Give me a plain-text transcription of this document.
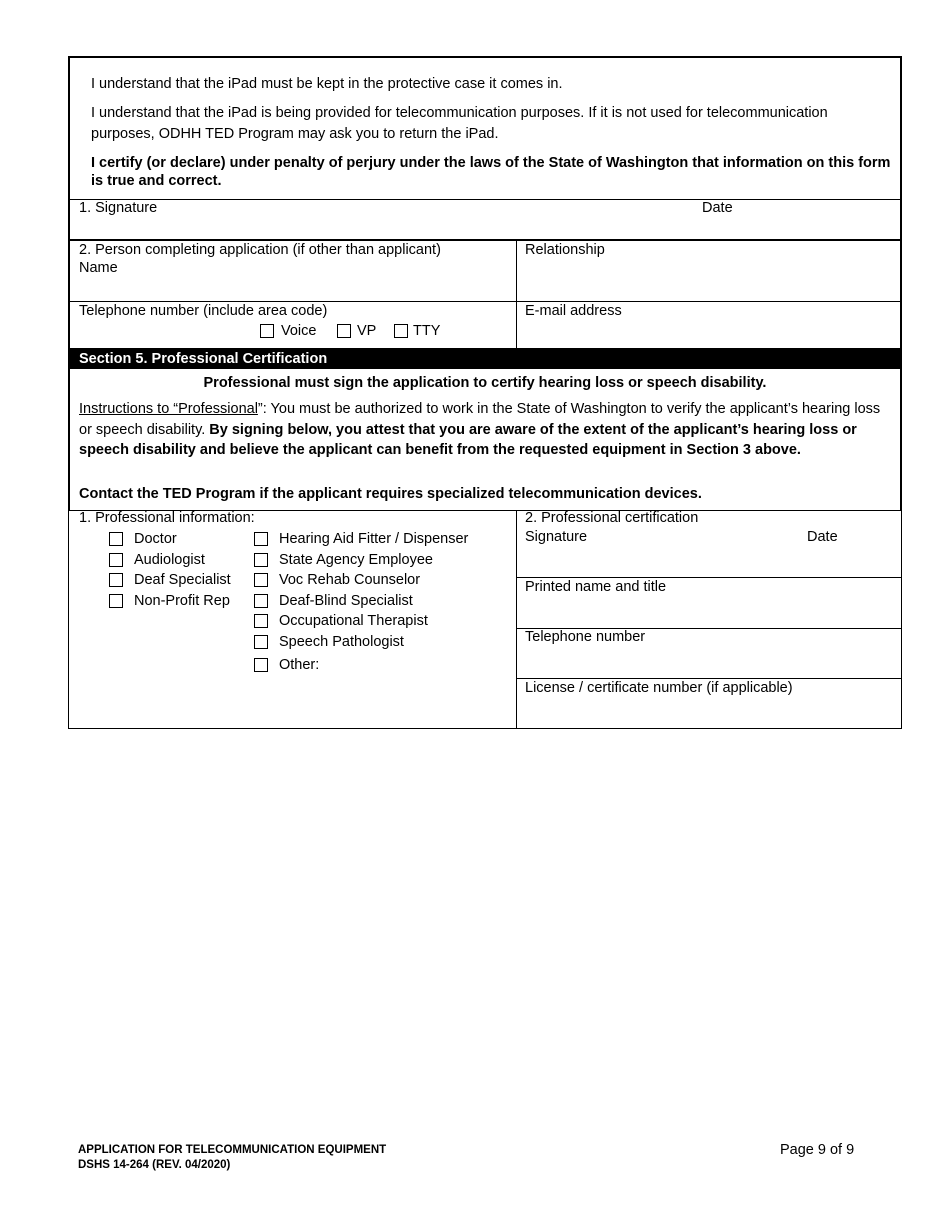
I understand that the iPad must be kept in the protective case it comes in.
I understand that the iPad is being provided for telecommunication purposes. If it is not used for telecommunication purposes, ODHH TED Program may ask you to return the iPad.
I certify (or declare) under penalty of perjury under the laws of the State of Washington that information on this form is true and correct.
1. Signature	Date
2. Person completing application (if other than applicant)
Name
Relationship
Telephone number (include area code)
Voice	VP	TTY
E-mail address
Section 5. Professional Certification
Professional must sign the application to certify hearing loss or speech disability.
Instructions to “Professional”: You must be authorized to work in the State of Washington to verify the applicant’s hearing loss or speech disability. By signing below, you attest that you are aware of the extent of the applicant’s hearing loss or speech disability and believe the applicant can benefit from the requested equipment in Section 3 above.
Contact the TED Program if the applicant requires specialized telecommunication devices.
1. Professional information:
Doctor
Audiologist
Deaf Specialist
Non-Profit Rep
Hearing Aid Fitter / Dispenser
State Agency Employee
Voc Rehab Counselor
Deaf-Blind Specialist
Occupational Therapist
Speech Pathologist
Other:
2. Professional certification
Signature	Date
Printed name and title
Telephone number
License / certificate number (if applicable)
APPLICATION FOR TELECOMMUNICATION EQUIPMENT
DSHS 14-264 (REV. 04/2020)
Page 9 of 9
